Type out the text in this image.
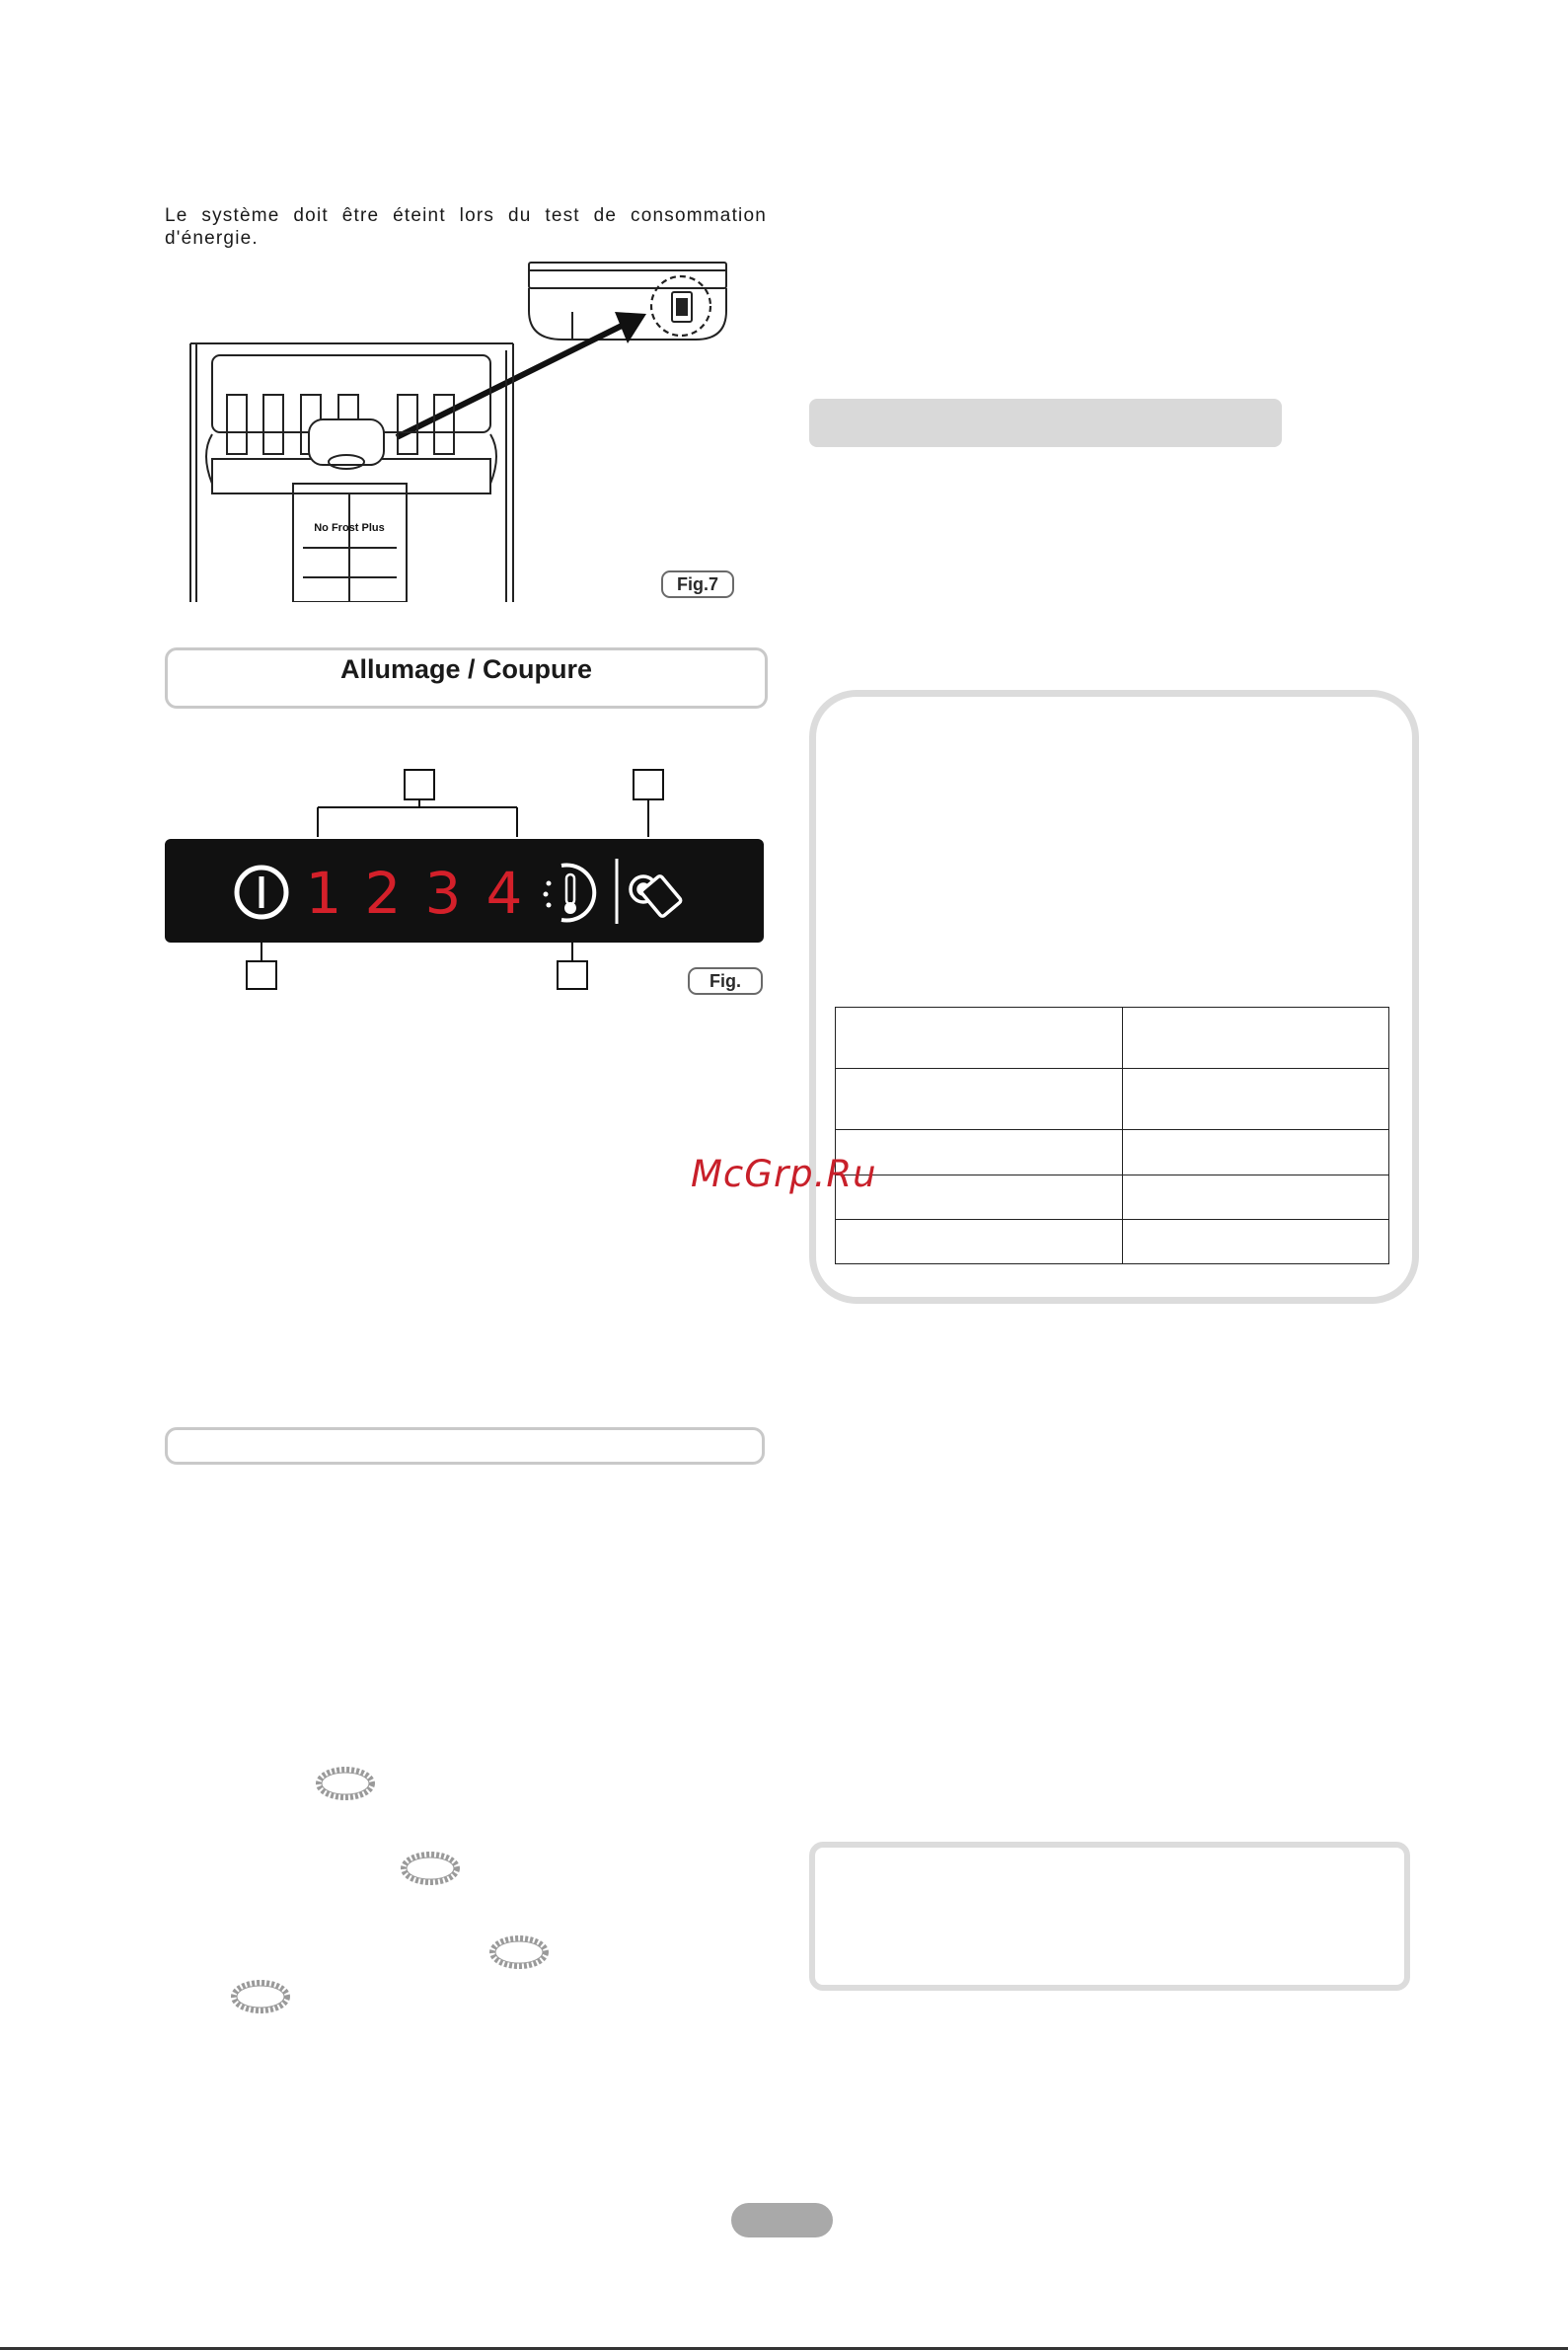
Le système doit être éteint lors du test de consommation d'énergie.
No Frost Plus
Fig.7
Allumage / Coupure
1 2 3 4
Fig.

McGrp.Ru
